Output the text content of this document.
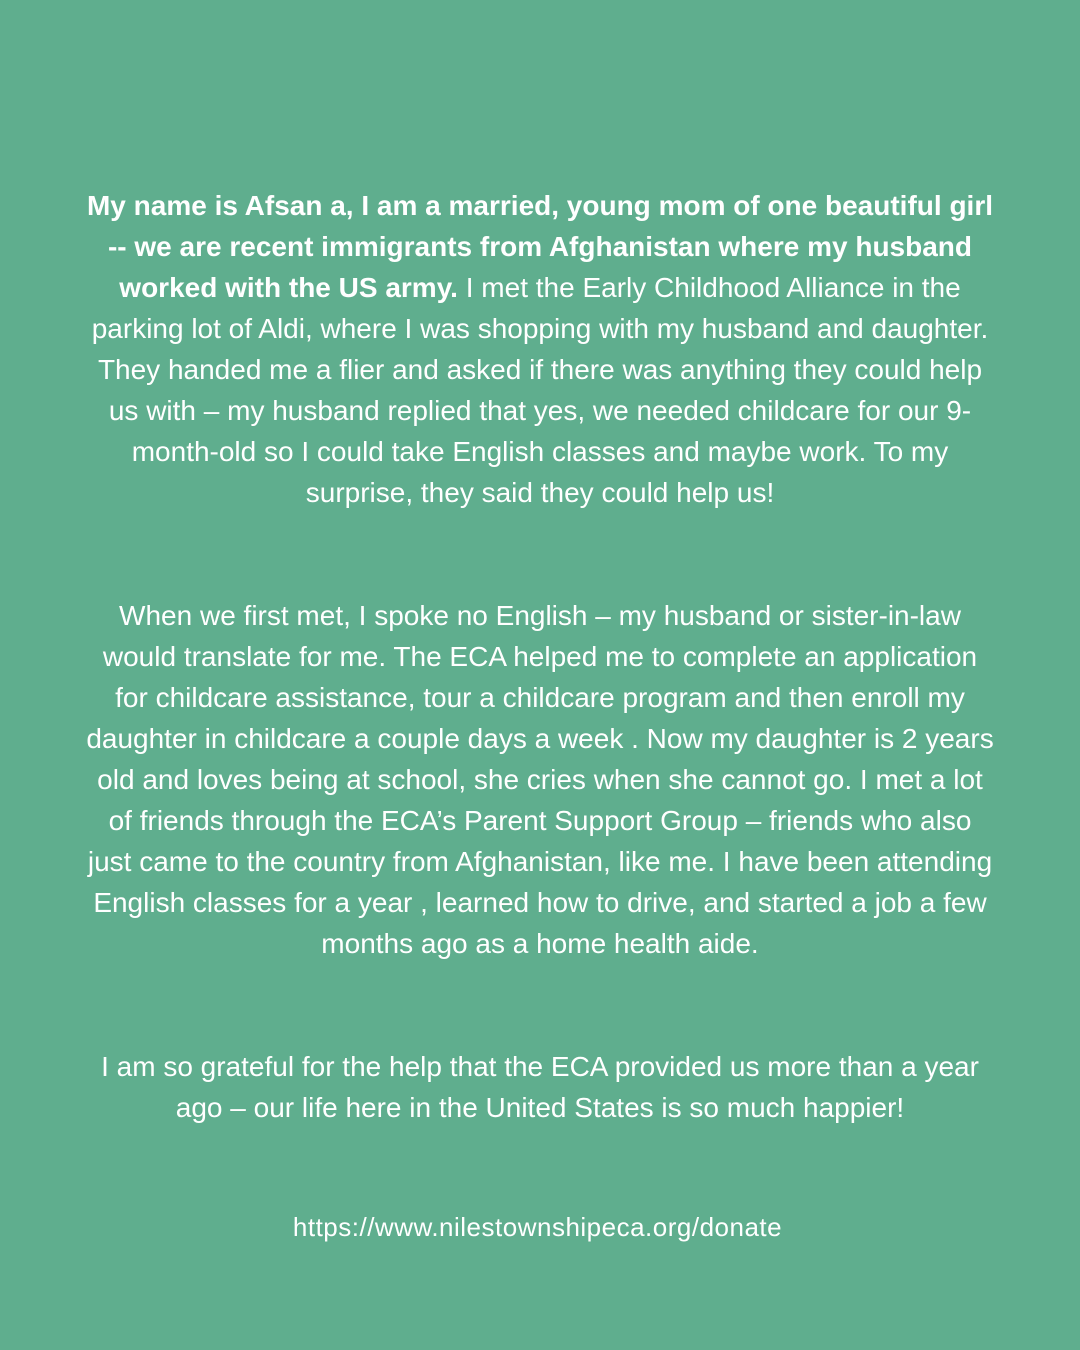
My name is Afsan a, I am a married, young mom of one beautiful girl -- we are recent immigrants from Afghanistan where my husband worked with the US army. I met the Early Childhood Alliance in the parking lot of Aldi, where I was shopping with my husband and daughter. They handed me a flier and asked if there was anything they could help us with – my husband replied that yes, we needed childcare for our 9-month-old so I could take English classes and maybe work. To my surprise, they said they could help us!

When we first met, I spoke no English – my husband or sister-in-law would translate for me. The ECA helped me to complete an application for childcare assistance, tour a childcare program and then enroll my daughter in childcare a couple days a week . Now my daughter is 2 years old and loves being at school, she cries when she cannot go. I met a lot of friends through the ECA’s Parent Support Group – friends who also just came to the country from Afghanistan, like me. I have been attending English classes for a year , learned how to drive, and started a job a few months ago as a home health aide.

I am so grateful for the help that the ECA provided us more than a year ago – our life here in the United States is so much happier!

https://www.nilestownshipeca.org/donate
